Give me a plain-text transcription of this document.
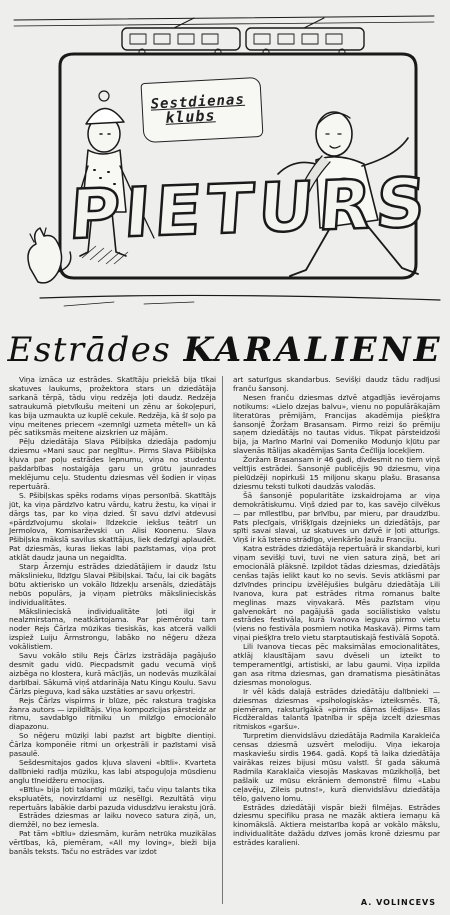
Sestdienas
klubs
PIETURS
Estrādes KARALIENE

Viņa iznāca uz estrādes. Skatītāju priekšā bija tīkai skatuves laukums, prožektora stars un dziedātāja sarkanā tērpā, tādu viņu redzēja ļoti daudz. Redzēja satraukumā pietvīkušu meiteni un zēnu ar šokoļepuri, kas bija uzmaukta uz kuplē cekule. Redzēja, kā šī soļo pa viņu meitenes priecem «zemnīgi uzmeta mētelī» un kā pēc satiksmās meitene aizskrien uz mājām.

Pēļu dziedātāja Slava Pšibiļska dziedāja padomju dziesmu «Mani sauc par neglītu». Pirms Slava Pšibiļska kļuva par poļu estrādes lepnumu, viņa no studentu pašdarbības nostaigāja garu un grūtu jaunrades meklējumu ceļu. Studentu dziesmas vēl šodien ir viņas repertuārā.

S. Pšibiļskas spēks rodams viņas personībā. Skatītājs jūt, ka viņa pārdzīvo katru vārdu, katru žestu, ka viņai ir dārgs tas, par ko viņa dzied. Šī savu dzīvi atdevusi «pārdzīvojumu skolai» līdzekcie iekšus teātrī un Jermolova, Komisarževski un Alisi Koonenu. Slava Pšibiļska mākslā savilus skatītājus, liek dedzīgi aplaudēt. Pat dziesmās, kuras liekas labi pazīstamas, viņa prot atklāt daudz jauna un negaidīta.

Starp Ārzemju estrādes dziedātājiem ir daudz īstu mākslinieku, līdzīgu Slavai Pšibiļskai. Taču, lai cik bagāts būtu aktierisko un vokālo līdzekļu arsenāls, dziedātājs nebūs populārs, ja viņam pietrūks mākslinieciskās individualitātes.

Mākslinieciskā individualitāte ļoti ilgi ir nealzmirstama, neatkārtojama. Par piemērotu tam noder Rejs Čārlza mūzikas tiesiskās, kas atcerā valkli izspiež Luiju Ārmstrongu, labāko no nēģeru džeza vokālistiem.

Savu vokālo stilu Rejs Čārlzs izstrādāja pagājušo desmit gadu vidū. Piecpadsmit gadu vecumā viņš aizbēga no klostera, kurā mācījās, un nodevās muzikālai darbībai. Sākumā viņš atdarināja Natu Kingu Koulu. Savu Čārlzs pieguva, kad sāka uzstāties ar savu orķestri.

Rejs Čārlzs vispirms ir blūze, pēc rakstura traģiska žanra autors — izpildītājs. Viņa kompozīcijas pārsteidz ar ritmu, savdabīgo ritmiku un milzīgo emocionālo diapazonu.

So nēģeru mūziķi labi pazīst art bigbīte dientiņi. Čārlza komponēie ritmi un orķestrāli ir pazīstami visā pasaulē.

Sešdesmitajos gados kļuva slaveni «bītli». Kvarteta dalībnieki radīja mūziku, kas labi atspoguļoja mūsdienu anglu tīneidžeru emocijas.

«Bītlu» bija ļoti talantīgi mūziķi, taču viņu talants tika ekspluatēts, novirzīdami uz nesēlīgi. Rezultātā viņu repertuārs labākie darbi pazuda vidusdzīvu ierakstu jūrā.

Estrādes dziesmas ar laiku noveco satura ziņā, un, diemžēl, no bez iemesla.

Pat tām «bītlu» dziesmām, kurām netrūka muzikālas vērtības, kā, piemēram, «All my loving», bieži bija banāls teksts. Taču no estrādes var izdot

art saturīgus skandarbus. Sevišķi daudz tādu radījusi franču šansonj.

Nesen franču dziesmas dzīvē atgadījās ievērojams notikums: «Lielo dzejas balvu», vienu no populārākajām literatūras prēmijām, Francijas akadēmija piešķīra šansonjē Žoržam Brasansam. Pirmo reizi šo prēmiju saņem dziedātājs no tautas vidus. Tikpat pārsteidzoši bija, ja Marīno Marīni vai Domeniko Modunjo kļūtu par slavenās Itālijas akadēmijas Santa Čečīlija locekļiem.

Žoržam Brasansam ir 46 gadi, divdesmit no tiem viņš veltījis estrādei. Šansonjē publicējis 90 dziesmu, viņa pielūdzēji nopirkuši 15 miljonu skaņu plašu. Brasansa dziesmu teksti tulkoti daudzās valodās.

Šā šansonjē popularitāte izskaidrojama ar viņa demokrātiskumu. Viņš dzied par to, kas savējo cilvēkus — par mīlestību, par brīvību, par mieru, par draudzību. Pats plecīgais, vīrišķīgais dzejnieks un dziedātājs, par spīti savai slavai, uz skatuves un dzīvē ir ļoti atturīgs. Viņš ir kā īsteno strādīgo, vienkāršo ļaužu Franciju.

Katra estrādes dziedātāja repertuārā ir skandarbi, kuri viņam sevišķi tuvi, tuvi ne vien satura ziņā, bet ari emocionālā plāksnē. Izpildot tādas dziesmas, dziedātājs cenšas tajās ielikt kaut ko no sevis. Sevis atklāsmi par dzīvīndes principu izvēlējušies bulgāru dziedātāja Lili Ivanova, kura pat estrādes ritma romanus balte meglinas mazs viņvakarā. Mēs pazīstam viņu galvenokārt no pagājušā gada sociālistisko valstu estrādes festivāla, kurā Ivanova ieguva pirmo vietu (viens no festivāla posmiem notika Maskavā). Pirms tam viņai piešķīra treīo vietu starptautiskajā festivālā Sopotā.

Lili Ivanova tiecas pēc maksimālas emocionalitātes, atklāj klausītājam savu dvēseli un izteikt to temperamentīgi, artistiski, ar labu gaumi. Viņa izpilda gan asa ritma dziesmas, gan dramatisma piesātinātas dziesmas monologus.

Ir vēl kāds dalajā estrādes dziedātāju dalībnieki — dziesmas dziesmas «psihologiskās» izteiksmēs. Tā, piemēram, raksturīgākā «pirmās dāmas lēdijas» Ellas Ficdžeraldas talantā īpatnība ir spēja izcelt dziesmas ritmiskos «garšu».

Turpretim dienvidslāvu dziedātāja Radmila Karakleiča censas dziesmā uzsvērt melodiju. Viņa iekaroja maskaviešu sirdis 1964. gadā. Kopš tā laika dziedātāja vairākas reizes bijusi mūsu valstī. Šī gada sākumā Radmila Karaklaiča viesojās Maskavas mūzikholļā, bet pašlaik uz mūsu ekrāniem demonstrē filmu «Labu ceļavēju, Zileis putns!», kurā dienvidslāvu dziedātāja tēlo, galveno lomu.

Estrādes dziedātāji vispār bieži filmējas. Estrādes dziesmu specifiku prasa ne mazāk aktiera iemaņu kā kinomākslā. Aktiera meistarība kopā ar vokālo mākslu, individualitāte dažādu dzīves jomās kronē dziesmu par estrādes karalieni.

A. VOLINCEVS
